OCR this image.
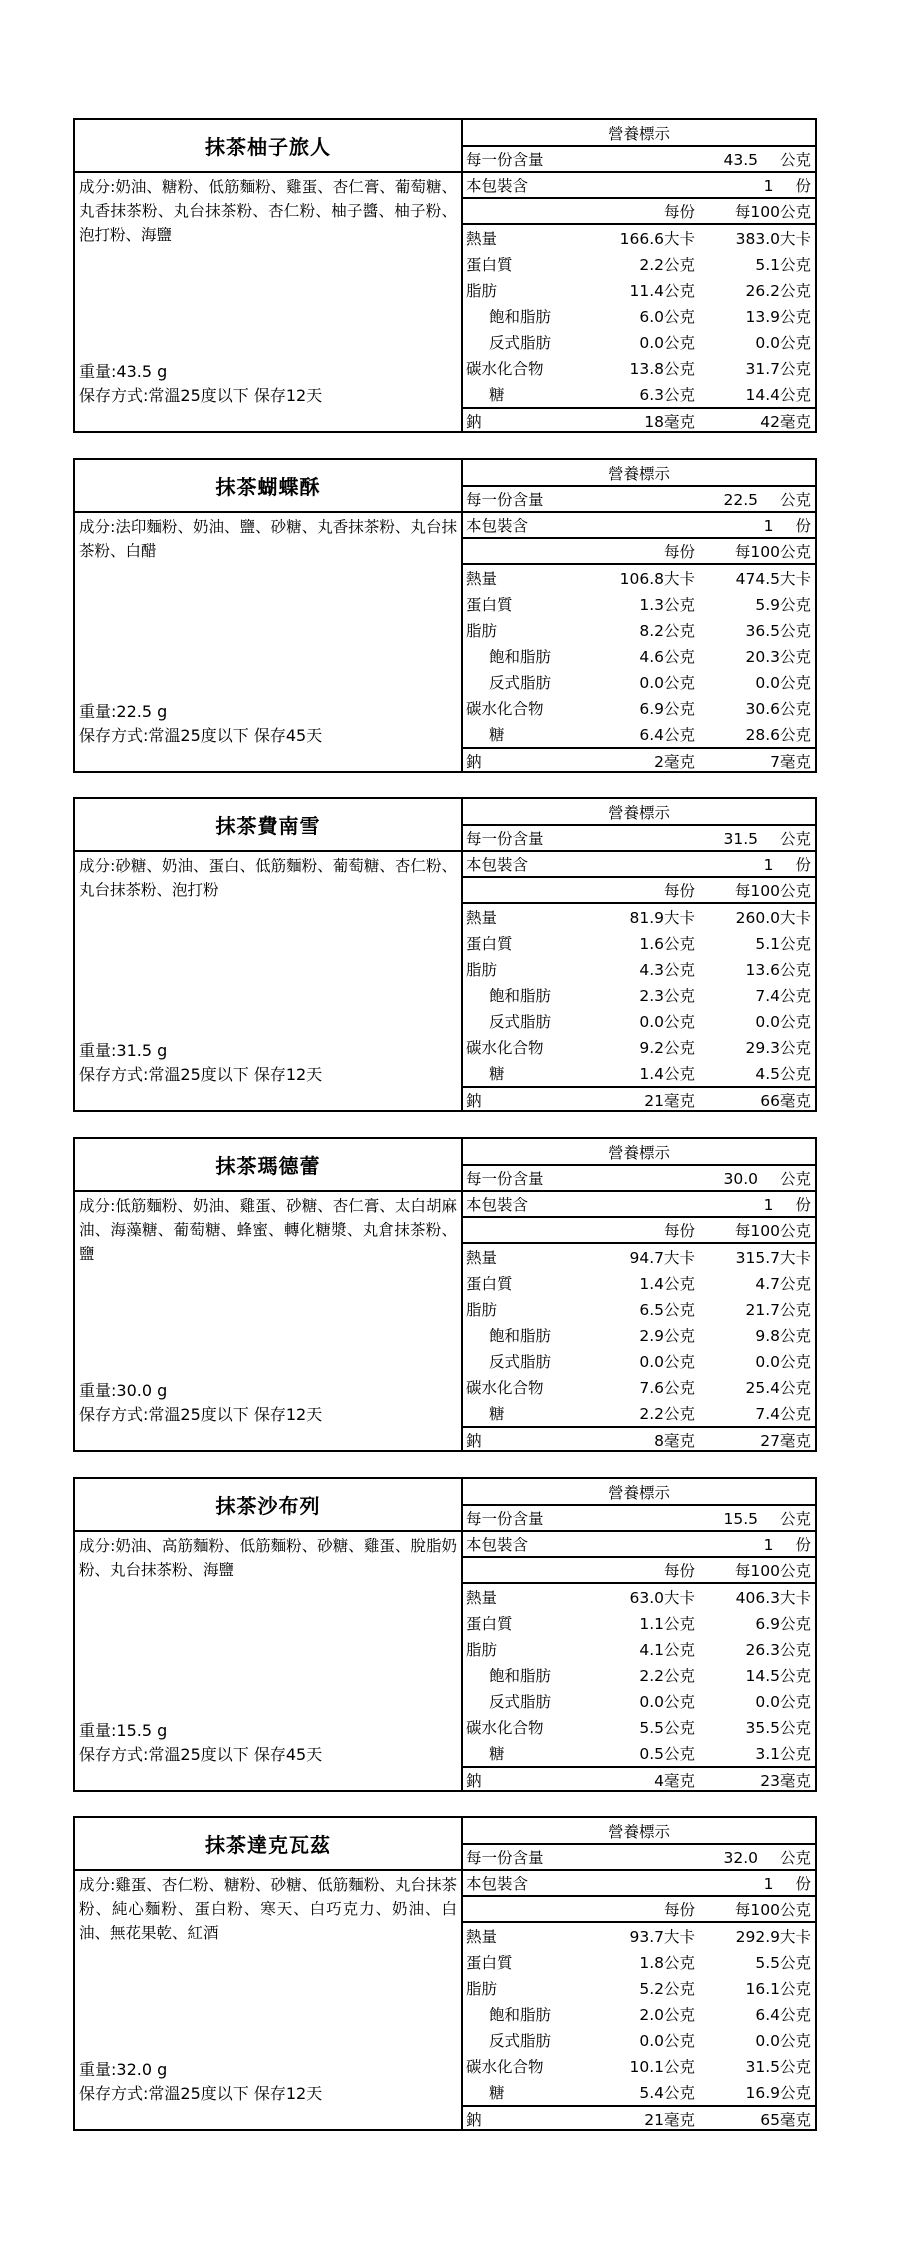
抹茶柚子旅人
成分:奶油、糖粉、低筋麵粉、雞蛋、杏仁膏、葡萄糖、丸香抹茶粉、丸台抹茶粉、杏仁粉、柚子醬、柚子粉、泡打粉、海鹽
重量:43.5 g
保存方式:常溫25度以下 保存12天
營養標示
每一份含量	43.5 公克
本包裝含	1 份
每份	每100公克
熱量	166.6大卡	383.0大卡
蛋白質	2.2公克	5.1公克
脂肪	11.4公克	26.2公克
飽和脂肪	6.0公克	13.9公克
反式脂肪	0.0公克	0.0公克
碳水化合物	13.8公克	31.7公克
糖	6.3公克	14.4公克
鈉	18毫克	42毫克
抹茶蝴蝶酥
成分:法印麵粉、奶油、鹽、砂糖、丸香抹茶粉、丸台抹茶粉、白醋
重量:22.5 g
保存方式:常溫25度以下 保存45天
營養標示
每一份含量	22.5 公克
本包裝含	1 份
每份	每100公克
熱量	106.8大卡	474.5大卡
蛋白質	1.3公克	5.9公克
脂肪	8.2公克	36.5公克
飽和脂肪	4.6公克	20.3公克
反式脂肪	0.0公克	0.0公克
碳水化合物	6.9公克	30.6公克
糖	6.4公克	28.6公克
鈉	2毫克	7毫克
抹茶費南雪
成分:砂糖、奶油、蛋白、低筋麵粉、葡萄糖、杏仁粉、丸台抹茶粉、泡打粉
重量:31.5 g
保存方式:常溫25度以下 保存12天
營養標示
每一份含量	31.5 公克
本包裝含	1 份
每份	每100公克
熱量	81.9大卡	260.0大卡
蛋白質	1.6公克	5.1公克
脂肪	4.3公克	13.6公克
飽和脂肪	2.3公克	7.4公克
反式脂肪	0.0公克	0.0公克
碳水化合物	9.2公克	29.3公克
糖	1.4公克	4.5公克
鈉	21毫克	66毫克
抹茶瑪德蕾
成分:低筋麵粉、奶油、雞蛋、砂糖、杏仁膏、太白胡麻油、海藻糖、葡萄糖、蜂蜜、轉化糖漿、丸倉抹茶粉、鹽
重量:30.0 g
保存方式:常溫25度以下 保存12天
營養標示
每一份含量	30.0 公克
本包裝含	1 份
每份	每100公克
熱量	94.7大卡	315.7大卡
蛋白質	1.4公克	4.7公克
脂肪	6.5公克	21.7公克
飽和脂肪	2.9公克	9.8公克
反式脂肪	0.0公克	0.0公克
碳水化合物	7.6公克	25.4公克
糖	2.2公克	7.4公克
鈉	8毫克	27毫克
抹茶沙布列
成分:奶油、高筋麵粉、低筋麵粉、砂糖、雞蛋、脫脂奶粉、丸台抹茶粉、海鹽
重量:15.5 g
保存方式:常溫25度以下 保存45天
營養標示
每一份含量	15.5 公克
本包裝含	1 份
每份	每100公克
熱量	63.0大卡	406.3大卡
蛋白質	1.1公克	6.9公克
脂肪	4.1公克	26.3公克
飽和脂肪	2.2公克	14.5公克
反式脂肪	0.0公克	0.0公克
碳水化合物	5.5公克	35.5公克
糖	0.5公克	3.1公克
鈉	4毫克	23毫克
抹茶達克瓦茲
成分:雞蛋、杏仁粉、糖粉、砂糖、低筋麵粉、丸台抹茶粉、純心麵粉、蛋白粉、寒天、白巧克力、奶油、白油、無花果乾、紅酒
重量:32.0 g
保存方式:常溫25度以下 保存12天
營養標示
每一份含量	32.0 公克
本包裝含	1 份
每份	每100公克
熱量	93.7大卡	292.9大卡
蛋白質	1.8公克	5.5公克
脂肪	5.2公克	16.1公克
飽和脂肪	2.0公克	6.4公克
反式脂肪	0.0公克	0.0公克
碳水化合物	10.1公克	31.5公克
糖	5.4公克	16.9公克
鈉	21毫克	65毫克
